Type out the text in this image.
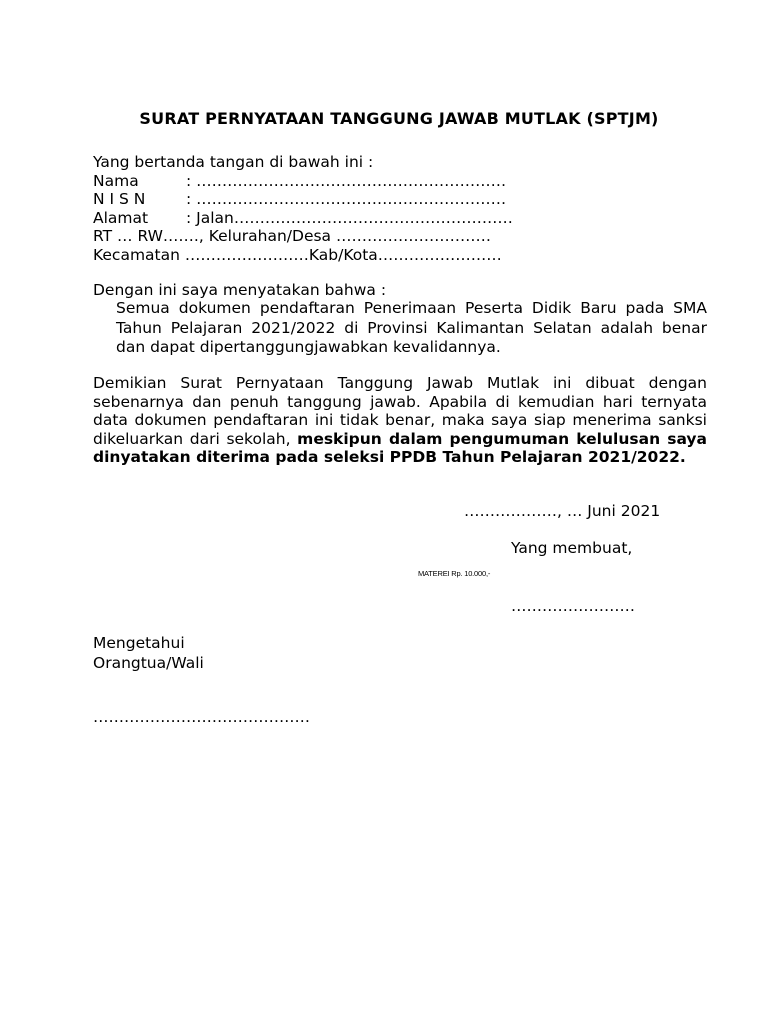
SURAT PERNYATAAN TANGGUNG JAWAB MUTLAK (SPTJM)
Yang bertanda tangan di bawah ini :
Nama	: ……………………………………………………
N I S N	: ……………………………………………………
Alamat : Jalan………………………………………………
RT … RW……., Kelurahan/Desa …………………………
Kecamatan ……………………Kab/Kota……………………
Dengan ini saya menyatakan bahwa :
Semua dokumen pendaftaran Penerimaan Peserta Didik Baru pada SMA Tahun Pelajaran 2021/2022 di Provinsi Kalimantan Selatan adalah benar dan dapat dipertanggungjawabkan kevalidannya.
Demikian Surat Pernyataan Tanggung Jawab Mutlak ini dibuat dengan sebenarnya dan penuh tanggung jawab. Apabila di kemudian hari ternyata data dokumen pendaftaran ini tidak benar, maka saya siap menerima sanksi dikeluarkan dari sekolah, meskipun dalam pengumuman kelulusan saya dinyatakan diterima pada seleksi PPDB Tahun Pelajaran 2021/2022.
………………, … Juni 2021
Yang membuat,
MATEREI Rp. 10.000,-
……………………
Mengetahui
Orangtua/Wali
……………………………………
